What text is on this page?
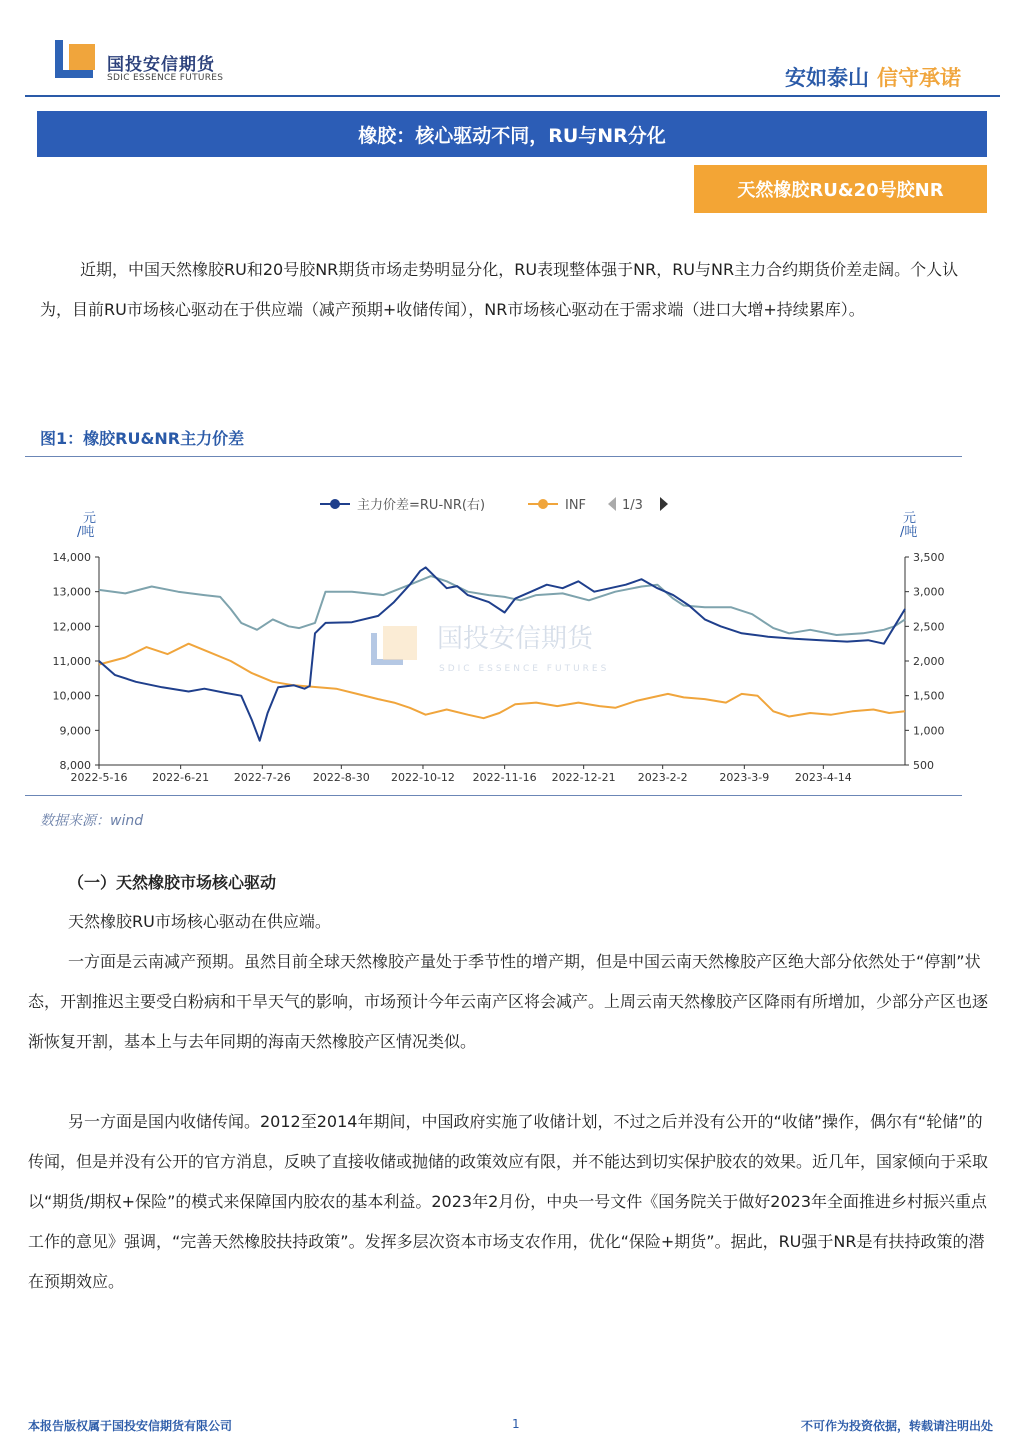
国投安信期货
SDIC ESSENCE FUTURES	安如泰山 信守承诺
橡胶：核心驱动不同，RU与NR分化
天然橡胶RU&20号胶NR

近期，中国天然橡胶RU和20号胶NR期货市场走势明显分化，RU表现整体强于NR，RU与NR主力合约期货价差走阔。个人认为，目前RU市场核心驱动在于供应端（减产预期+收储传闻），NR市场核心驱动在于需求端（进口大增+持续累库）。

图1：橡胶RU&NR主力价差
国投安信期货
SDIC ESSENCE FUTURES
主力价差=RU-NR(右)	INF	1/3
元
/吨
元
/吨
14,000
13,000
12,000
11,000
10,000
9,000
8,000
3,500
3,000
2,500
2,000
1,500
1,000
500
2022-5-16 2022-6-21 2022-7-26 2022-8-30 2022-10-12 2022-11-16 2022-12-21 2023-2-2	2023-3-9 2023-4-14
数据来源：wind
（一）天然橡胶市场核心驱动

天然橡胶RU市场核心驱动在供应端。

一方面是云南减产预期。虽然目前全球天然橡胶产量处于季节性的增产期，但是中国云南天然橡胶产区绝大部分依然处于“停割”状态，开割推迟主要受白粉病和干旱天气的影响，市场预计今年云南产区将会减产。上周云南天然橡胶产区降雨有所增加，少部分产区也逐渐恢复开割，基本上与去年同期的海南天然橡胶产区情况类似。

另一方面是国内收储传闻。2012至2014年期间，中国政府实施了收储计划，不过之后并没有公开的“收储”操作，偶尔有“轮储”的传闻，但是并没有公开的官方消息，反映了直接收储或抛储的政策效应有限，并不能达到切实保护胶农的效果。近几年，国家倾向于采取以“期货/期权+保险”的模式来保障国内胶农的基本利益。2023年2月份，中央一号文件《国务院关于做好2023年全面推进乡村振兴重点工作的意见》强调，“完善天然橡胶扶持政策”。发挥多层次资本市场支农作用，优化“保险+期货”。据此，RU强于NR是有扶持政策的潜在预期效应。

本报告版权属于国投安信期货有限公司	1	不可作为投资依据，转载请注明出处
